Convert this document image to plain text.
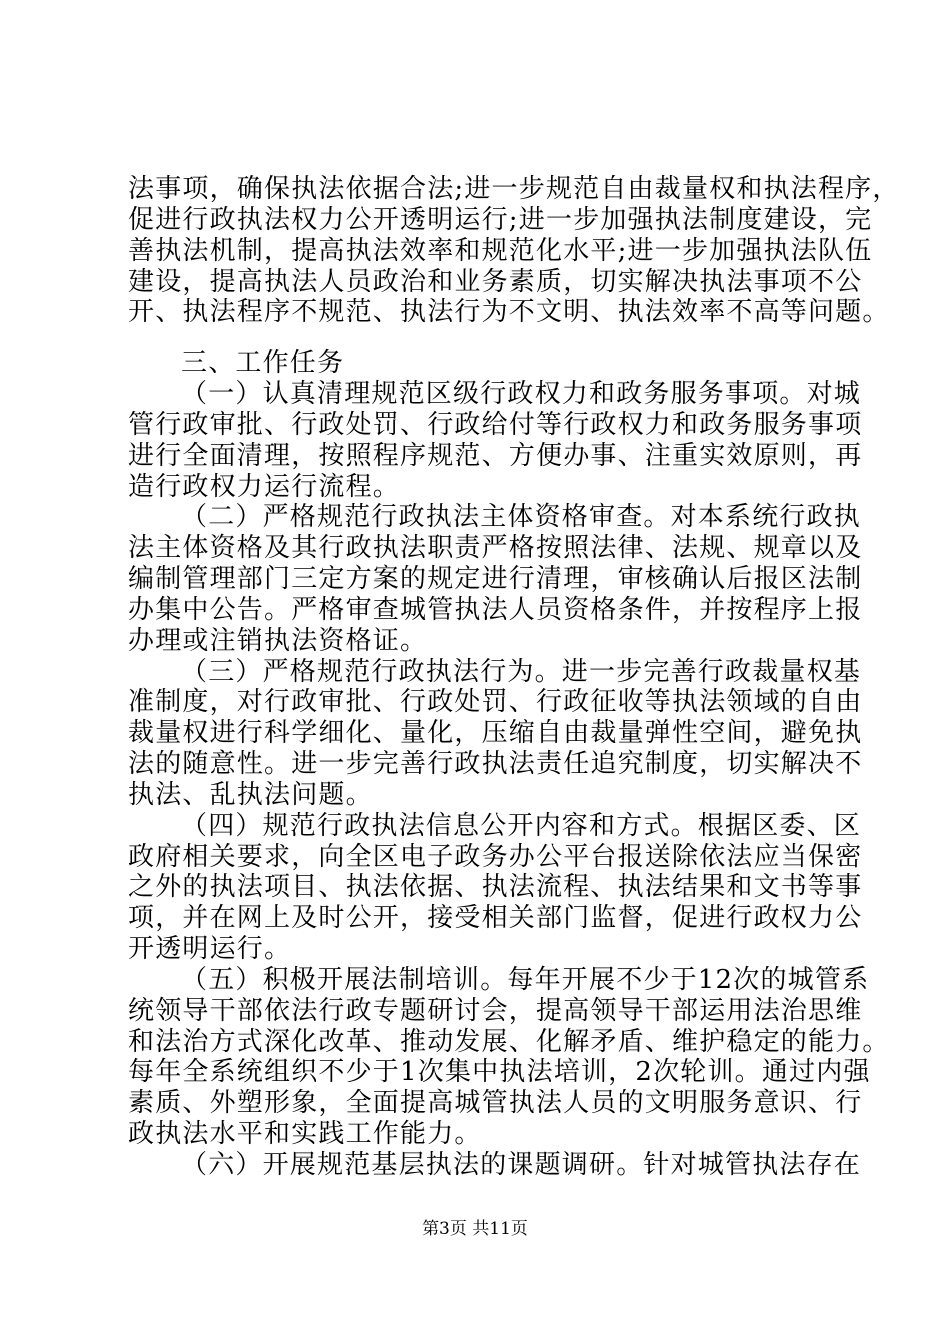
法事项，确保执法依据合法;进一步规范自由裁量权和执法程序，
促进行政执法权力公开透明运行;进一步加强执法制度建设，完
善执法机制，提高执法效率和规范化水平;进一步加强执法队伍
建设，提高执法人员政治和业务素质，切实解决执法事项不公
开、执法程序不规范、执法行为不文明、执法效率不高等问题。
三、工作任务
（一）认真清理规范区级行政权力和政务服务事项。对城
管行政审批、行政处罚、行政给付等行政权力和政务服务事项
进行全面清理，按照程序规范、方便办事、注重实效原则，再
造行政权力运行流程。
（二）严格规范行政执法主体资格审查。对本系统行政执
法主体资格及其行政执法职责严格按照法律、法规、规章以及
编制管理部门三定方案的规定进行清理，审核确认后报区法制
办集中公告。严格审查城管执法人员资格条件，并按程序上报
办理或注销执法资格证。
（三）严格规范行政执法行为。进一步完善行政裁量权基
准制度，对行政审批、行政处罚、行政征收等执法领域的自由
裁量权进行科学细化、量化，压缩自由裁量弹性空间，避免执
法的随意性。进一步完善行政执法责任追究制度，切实解决不
执法、乱执法问题。
（四）规范行政执法信息公开内容和方式。根据区委、区
政府相关要求，向全区电子政务办公平台报送除依法应当保密
之外的执法项目、执法依据、执法流程、执法结果和文书等事
项，并在网上及时公开，接受相关部门监督，促进行政权力公
开透明运行。
（五）积极开展法制培训。每年开展不少于12次的城管系
统领导干部依法行政专题研讨会，提高领导干部运用法治思维
和法治方式深化改革、推动发展、化解矛盾、维护稳定的能力。
每年全系统组织不少于1次集中执法培训，2次轮训。通过内强
素质、外塑形象，全面提高城管执法人员的文明服务意识、行
政执法水平和实践工作能力。
（六）开展规范基层执法的课题调研。针对城管执法存在
第3页 共11页
